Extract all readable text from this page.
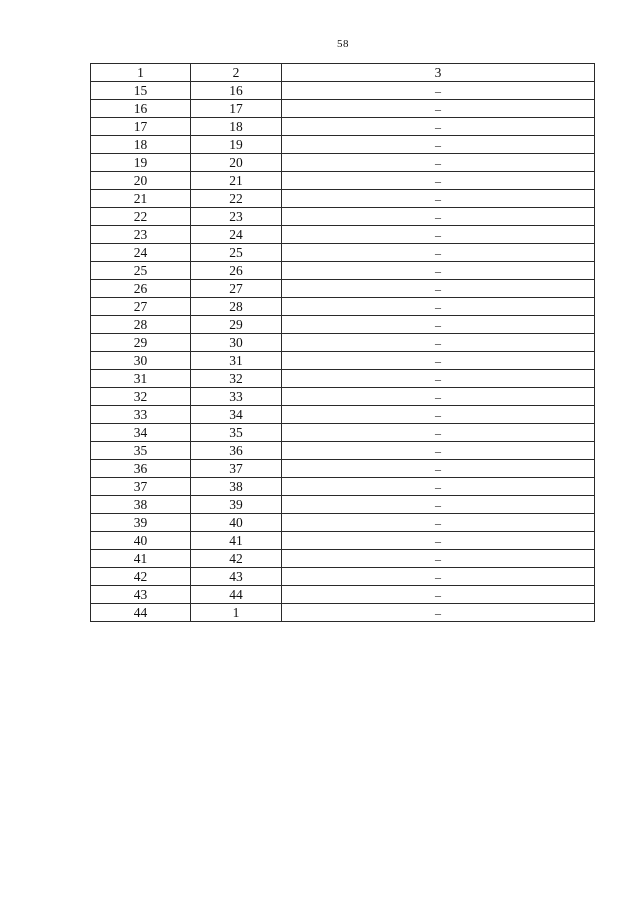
58
1	2	3
15	16	–
16	17	–
17	18	–
18	19	–
19	20	–
20	21	–
21	22	–
22	23	–
23	24	–
24	25	–
25	26	–
26	27	–
27	28	–
28	29	–
29	30	–
30	31	–
31	32	–
32	33	–
33	34	–
34	35	–
35	36	–
36	37	–
37	38	–
38	39	–
39	40	–
40	41	–
41	42	–
42	43	–
43	44	–
44	1	–
